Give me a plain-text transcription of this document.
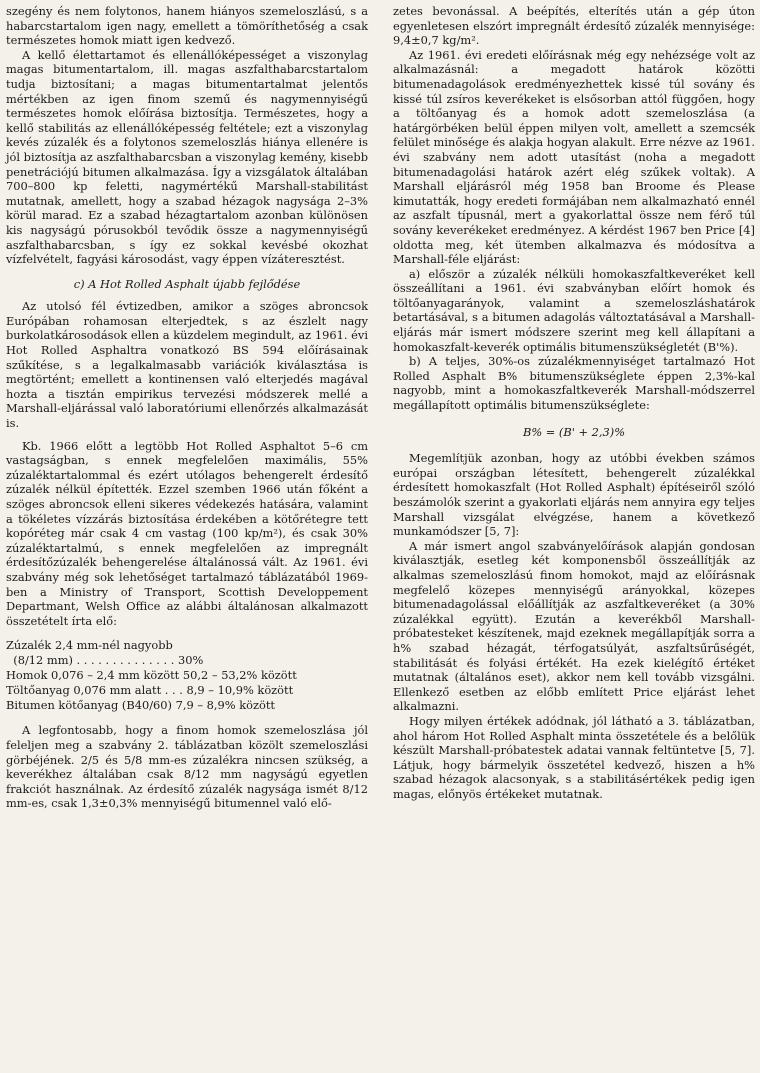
szegény és nem folytonos, hanem hiányos szemeloszlású, s a habarcstartalom igen nagy, emellett a tömöríthetőség a csak természetes homok miatt igen kedvező.

A kellő élettartamot és ellenállóképességet a viszonylag magas bitumentartalom, ill. magas aszfalthabarcstartalom tudja biztosítani; a magas bitumentartalmat jelentős mértékben az igen finom szemű és nagymennyiségű természetes homok előírása biztosítja. Természetes, hogy a kellő stabilitás az ellenállóképesség feltétele; ezt a viszonylag kevés zúzalék és a folytonos szemeloszlás hiánya ellenére is jól biztosítja az aszfalthabarcsban a viszonylag kemény, kisebb penetrációjú bitumen alkalmazása. Így a vizsgálatok általában 700–800 kp feletti, nagymértékű Marshall-stabilitást mutatnak, amellett, hogy a szabad hézagok nagysága 2–3% körül marad. Ez a szabad hézagtartalom azonban különösen kis nagyságú pórusokból tevődik össze a nagymennyiségű aszfalthabarcsban, s így ez sokkal kevésbé okozhat vízfelvételt, fagyási károsodást, vagy éppen vízáteresztést.

c) A Hot Rolled Asphalt újabb fejlődése

Az utolsó fél évtizedben, amikor a szöges abroncsok Európában rohamosan elterjedtek, s az észlelt nagy burkolatkárosodások ellen a küzdelem megindult, az 1961. évi Hot Rolled Asphaltra vonatkozó BS 594 előírásainak szűkítése, s a legalkalmasabb variációk kiválasztása is megtörtént; emellett a kontinensen való elterjedés magával hozta a tisztán empirikus tervezési módszerek mellé a Marshall-eljárással való laboratóriumi ellenőrzés alkalmazását is.

Kb. 1966 előtt a legtöbb Hot Rolled Asphaltot 5–6 cm vastagságban, s ennek megfelelően maximális, 55% zúzaléktartalommal és ezért utólagos behengerelt érdesítő zúzalék nélkül építették. Ezzel szemben 1966 után főként a szöges abroncsok elleni sikeres védekezés hatására, valamint a tökéletes vízzárás biztosítása érdekében a kötőrétegre tett kopóréteg már csak 4 cm vastag (100 kp/m²), és csak 30% zúzaléktartalmú, s ennek megfelelően az impregnált érdesítőzúzalék behengerelése általánossá vált. Az 1961. évi szabvány még sok lehetőséget tartalmazó táblázatából 1969-ben a Ministry of Transport, Scottish Developpement Departmant, Welsh Office az alábbi általánosan alkalmazott összetételt írta elő:

Zúzalék 2,4 mm-nél nagyobb
(8/12 mm) . . . . . . . . . . . . . . 30%
Homok 0,076 – 2,4 mm között 50,2 – 53,2% között
Töltőanyag 0,076 mm alatt . . . 8,9 – 10,9% között
Bitumen kötőanyag (B40/60) 7,9 – 8,9% között

A legfontosabb, hogy a finom homok szemeloszlása jól feleljen meg a szabvány 2. táblázatban közölt szemeloszlási görbéjének. 2/5 és 5/8 mm-es zúzalékra nincsen szükség, a keverékhez általában csak 8/12 mm nagyságú egyetlen frakciót használnak. Az érdesítő zúzalék nagysága ismét 8/12 mm-es, csak 1,3±0,3% mennyiségű bitumennel való elő-

zetes bevonással. A beépítés, elterítés után a gép úton egyenletesen elszórt impregnált érdesítő zúzalék mennyisége: 9,4±0,7 kg/m².

Az 1961. évi eredeti előírásnak még egy nehézsége volt az alkalmazásnál: a megadott határok közötti bitumenadagolások eredményezhettek kissé túl sovány és kissé túl zsíros keverékeket is elsősorban attól függően, hogy a töltőanyag és a homok adott szemeloszlása (a határgörbéken belül éppen milyen volt, amellett a szemcsék felület minősége és alakja hogyan alakult. Erre nézve az 1961. évi szabvány nem adott utasítást (noha a megadott bitumenadagolási határok azért elég szűkek voltak). A Marshall eljárásról még 1958 ban Broome és Please kimutatták, hogy eredeti formájában nem alkalmazható ennél az aszfalt típusnál, mert a gyakorlattal össze nem férő túl sovány keverékeket eredményez. A kérdést 1967 ben Price [4] oldotta meg, két ütemben alkalmazva és módosítva a Marshall-féle eljárást:

a) először a zúzalék nélküli homokaszfaltkeveréket kell összeállítani a 1961. évi szabványban előírt homok és töltőanyagarányok, valamint a szemeloszláshatárok betartásával, s a bitumen adagolás változtatásával a Marshall-eljárás már ismert módszere szerint meg kell állapítani a homokaszfalt-keverék optimális bitumenszükségletét (B'%).

b) A teljes, 30%-os zúzalékmennyiséget tartalmazó Hot Rolled Asphalt B% bitumenszükséglete éppen 2,3%-kal nagyobb, mint a homokaszfaltkeverék Marshall-módszerrel megállapított optimális bitumenszükséglete:

B% = (B' + 2,3)%

Megemlítjük azonban, hogy az utóbbi években számos európai országban létesített, behengerelt zúzalékkal érdesített homokaszfalt (Hot Rolled Asphalt) építéseiről szóló beszámolók szerint a gyakorlati eljárás nem annyira egy teljes Marshall vizsgálat elvégzése, hanem a következő munkamódszer [5, 7]:

A már ismert angol szabványelőírások alapján gondosan kiválasztják, esetleg két komponensből összeállítják az alkalmas szemeloszlású finom homokot, majd az előírásnak megfelelő közepes mennyiségű arányokkal, közepes bitumenadagolással előállítják az aszfaltkeveréket (a 30% zúzalékkal együtt). Ezután a keverékből Marshall-próbatesteket készítenek, majd ezeknek megállapítják sorra a h% szabad hézagát, térfogatsúlyát, aszfaltsűrűségét, stabilitását és folyási értékét. Ha ezek kielégítő értéket mutatnak (általános eset), akkor nem kell tovább vizsgálni. Ellenkező esetben az előbb említett Price eljárást lehet alkalmazni.

Hogy milyen értékek adódnak, jól látható a 3. táblázatban, ahol három Hot Rolled Asphalt minta összetétele és a belőlük készült Marshall-próbatestek adatai vannak feltüntetve [5, 7]. Látjuk, hogy bármelyik összetétel kedvező, hiszen a h% szabad hézagok alacsonyak, s a stabilitásértékek pedig igen magas, előnyös értékeket mutatnak.
